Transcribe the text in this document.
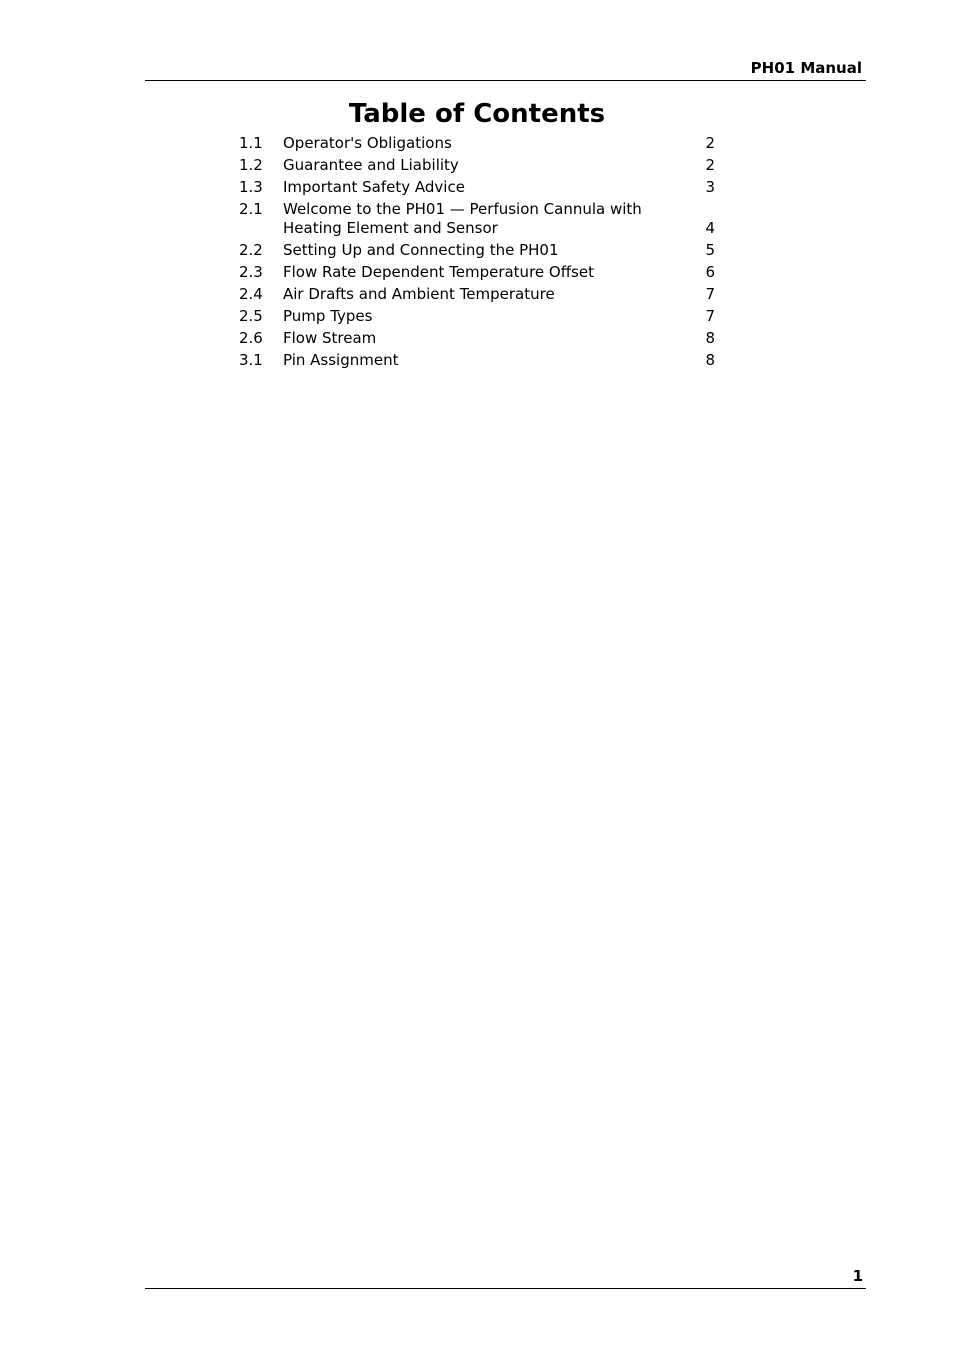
PH01 Manual
Table of Contents
1.1	Operator's Obligations	2
1.2	Guarantee and Liability	2
1.3	Important Safety Advice	3
2.1	Welcome to the PH01 — Perfusion Cannula with Heating Element and Sensor	4
2.2	Setting Up and Connecting the PH01	5
2.3	Flow Rate Dependent Temperature Offset	6
2.4	Air Drafts and Ambient Temperature	7
2.5	Pump Types	7
2.6	Flow Stream	8
3.1	Pin Assignment	8
1
